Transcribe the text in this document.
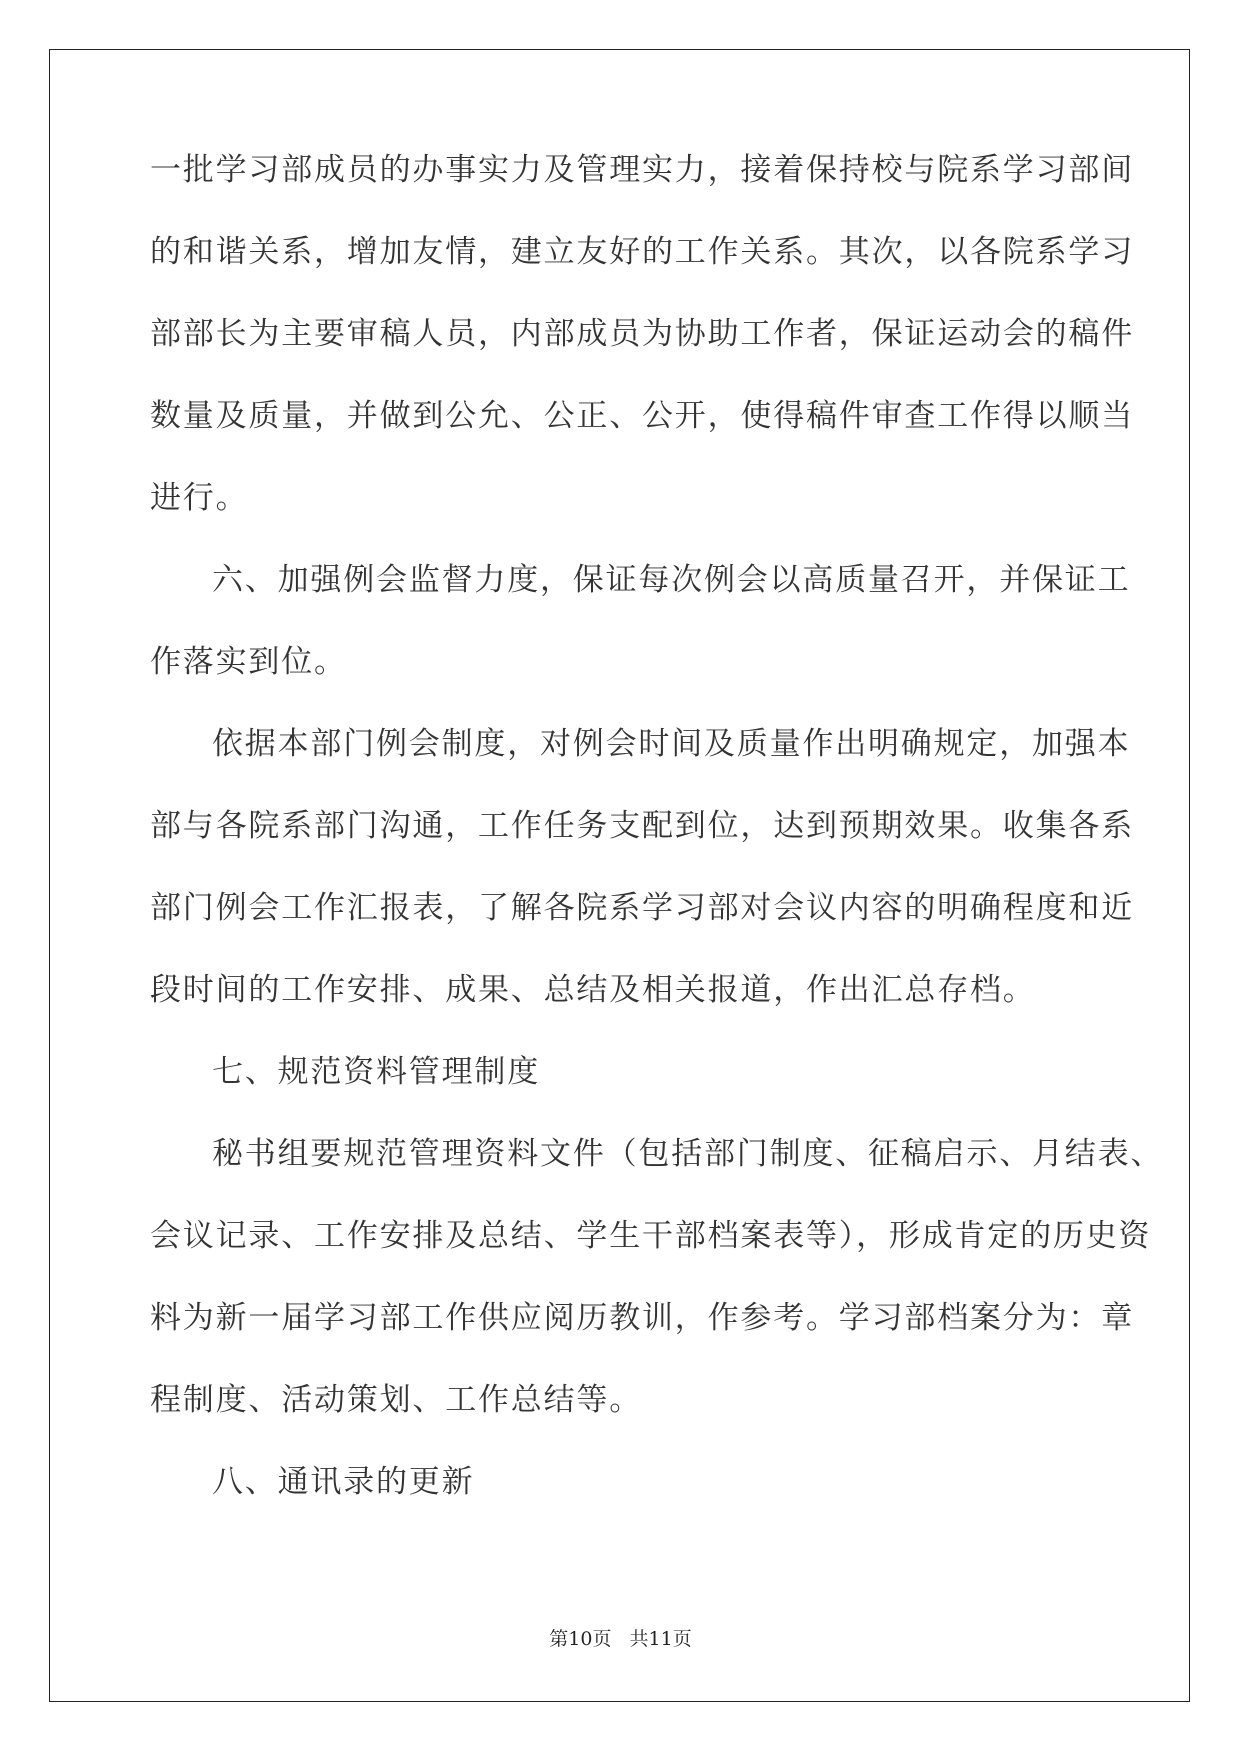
一批学习部成员的办事实力及管理实力，接着保持校与院系学习部间
的和谐关系，增加友情，建立友好的工作关系。其次，以各院系学习
部部长为主要审稿人员，内部成员为协助工作者，保证运动会的稿件
数量及质量，并做到公允、公正、公开，使得稿件审查工作得以顺当
进行。
六、加强例会监督力度，保证每次例会以高质量召开，并保证工
作落实到位。
依据本部门例会制度，对例会时间及质量作出明确规定，加强本
部与各院系部门沟通，工作任务支配到位，达到预期效果。收集各系
部门例会工作汇报表，了解各院系学习部对会议内容的明确程度和近
段时间的工作安排、成果、总结及相关报道，作出汇总存档。
七、规范资料管理制度
秘书组要规范管理资料文件（包括部门制度、征稿启示、月结表、
会议记录、工作安排及总结、学生干部档案表等），形成肯定的历史资
料为新一届学习部工作供应阅历教训，作参考。学习部档案分为：章
程制度、活动策划、工作总结等。
八、通讯录的更新
第10页 共11页
